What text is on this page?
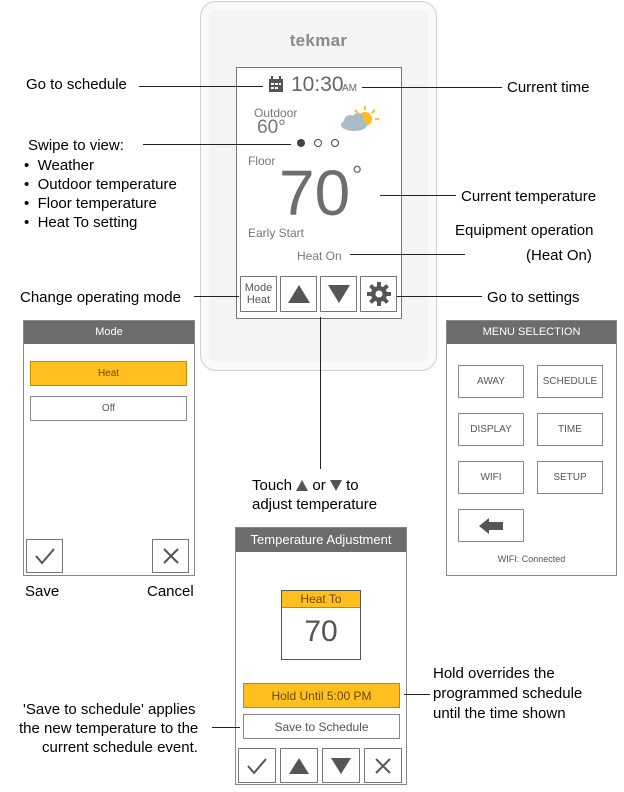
tekmar
10:30
AM
Outdoor
60°
Floor 70 °
Early Start
Heat On
Mode
Heat
Go to schedule	Current time
Swipe to view:
•  Weather
•  Outdoor temperature
•  Floor temperature
•  Heat To setting
Current temperature
Equipment operation
(Heat On)
Change operating mode	Go to settings
Touch or to
adjust temperature
Mode
Heat
Off
Save	Cancel
MENU SELECTION
AWAY	SCHEDULE
DISPLAY	TIME
WIFI	SETUP
WIFI: Connected
Temperature Adjustment
Heat To
70
Hold Until 5:00 PM
Save to Schedule
Hold overrides the
programmed schedule
until the time shown
'Save to schedule' applies
the new temperature to the
current schedule event.
